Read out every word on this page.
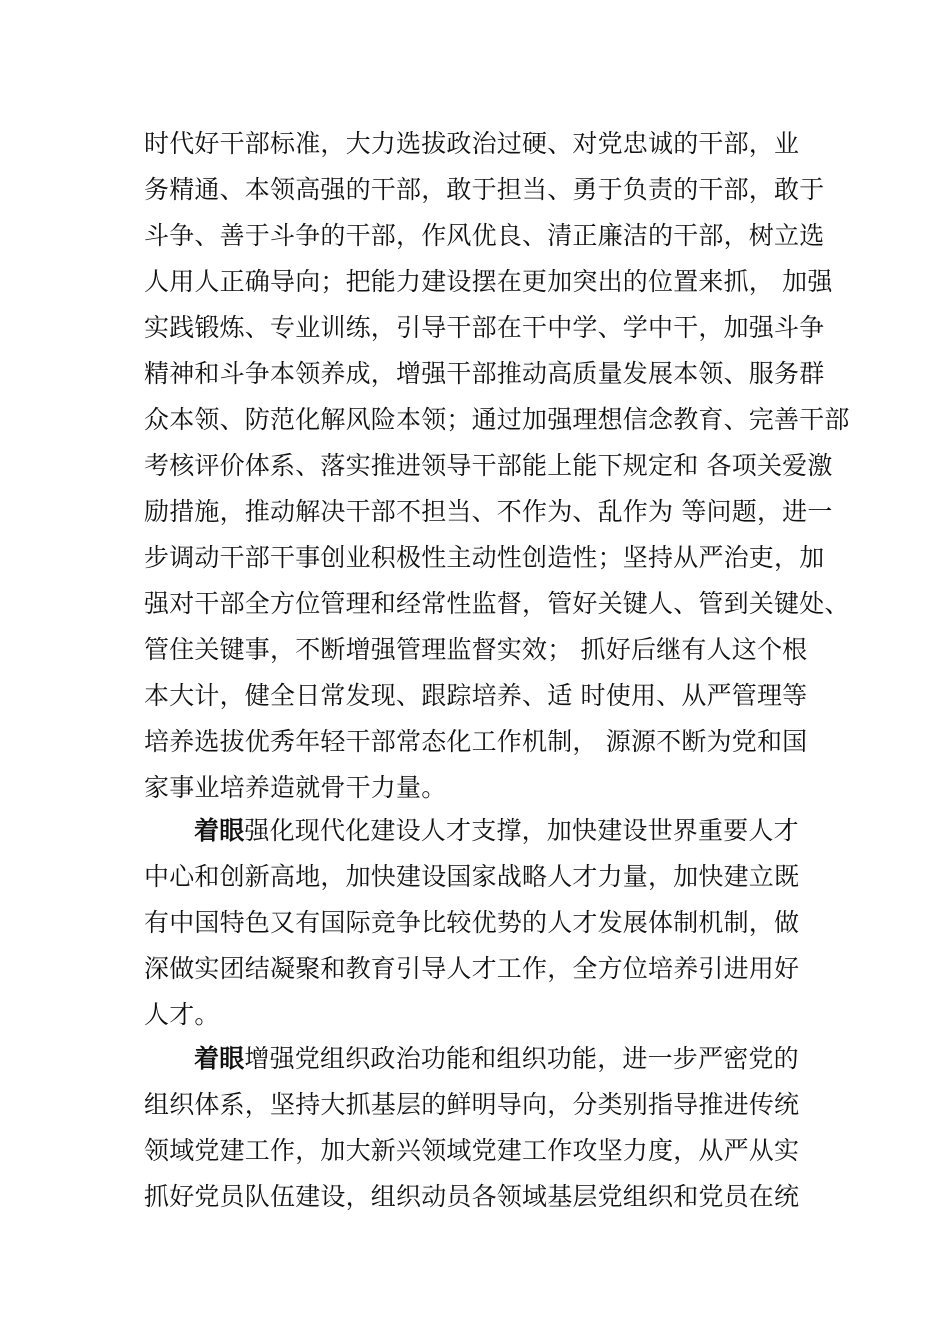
时代好干部标准，大力选拔政治过硬、对党忠诚的干部，业
务精通、本领高强的干部，敢于担当、勇于负责的干部，敢于
斗争、善于斗争的干部，作风优良、清正廉洁的干部，树立选
人用人正确导向；把能力建设摆在更加突出的位置来抓， 加强
实践锻炼、专业训练，引导干部在干中学、学中干，加强斗争
精神和斗争本领养成，增强干部推动高质量发展本领、服务群
众本领、防范化解风险本领；通过加强理想信念教育、完善干部
考核评价体系、落实推进领导干部能上能下规定和 各项关爱激
励措施，推动解决干部不担当、不作为、乱作为 等问题，进一
步调动干部干事创业积极性主动性创造性；坚持从严治吏，加
强对干部全方位管理和经常性监督，管好关键人、管到关键处、
管住关键事，不断增强管理监督实效； 抓好后继有人这个根
本大计，健全日常发现、跟踪培养、适 时使用、从严管理等
培养选拔优秀年轻干部常态化工作机制， 源源不断为党和国
家事业培养造就骨干力量。
着眼强化现代化建设人才支撑，加快建设世界重要人才
中心和创新高地，加快建设国家战略人才力量，加快建立既
有中国特色又有国际竞争比较优势的人才发展体制机制，做
深做实团结凝聚和教育引导人才工作，全方位培养引进用好
人才。
着眼增强党组织政治功能和组织功能，进一步严密党的
组织体系，坚持大抓基层的鲜明导向，分类别指导推进传统
领域党建工作，加大新兴领域党建工作攻坚力度，从严从实
抓好党员队伍建设，组织动员各领域基层党组织和党员在统
